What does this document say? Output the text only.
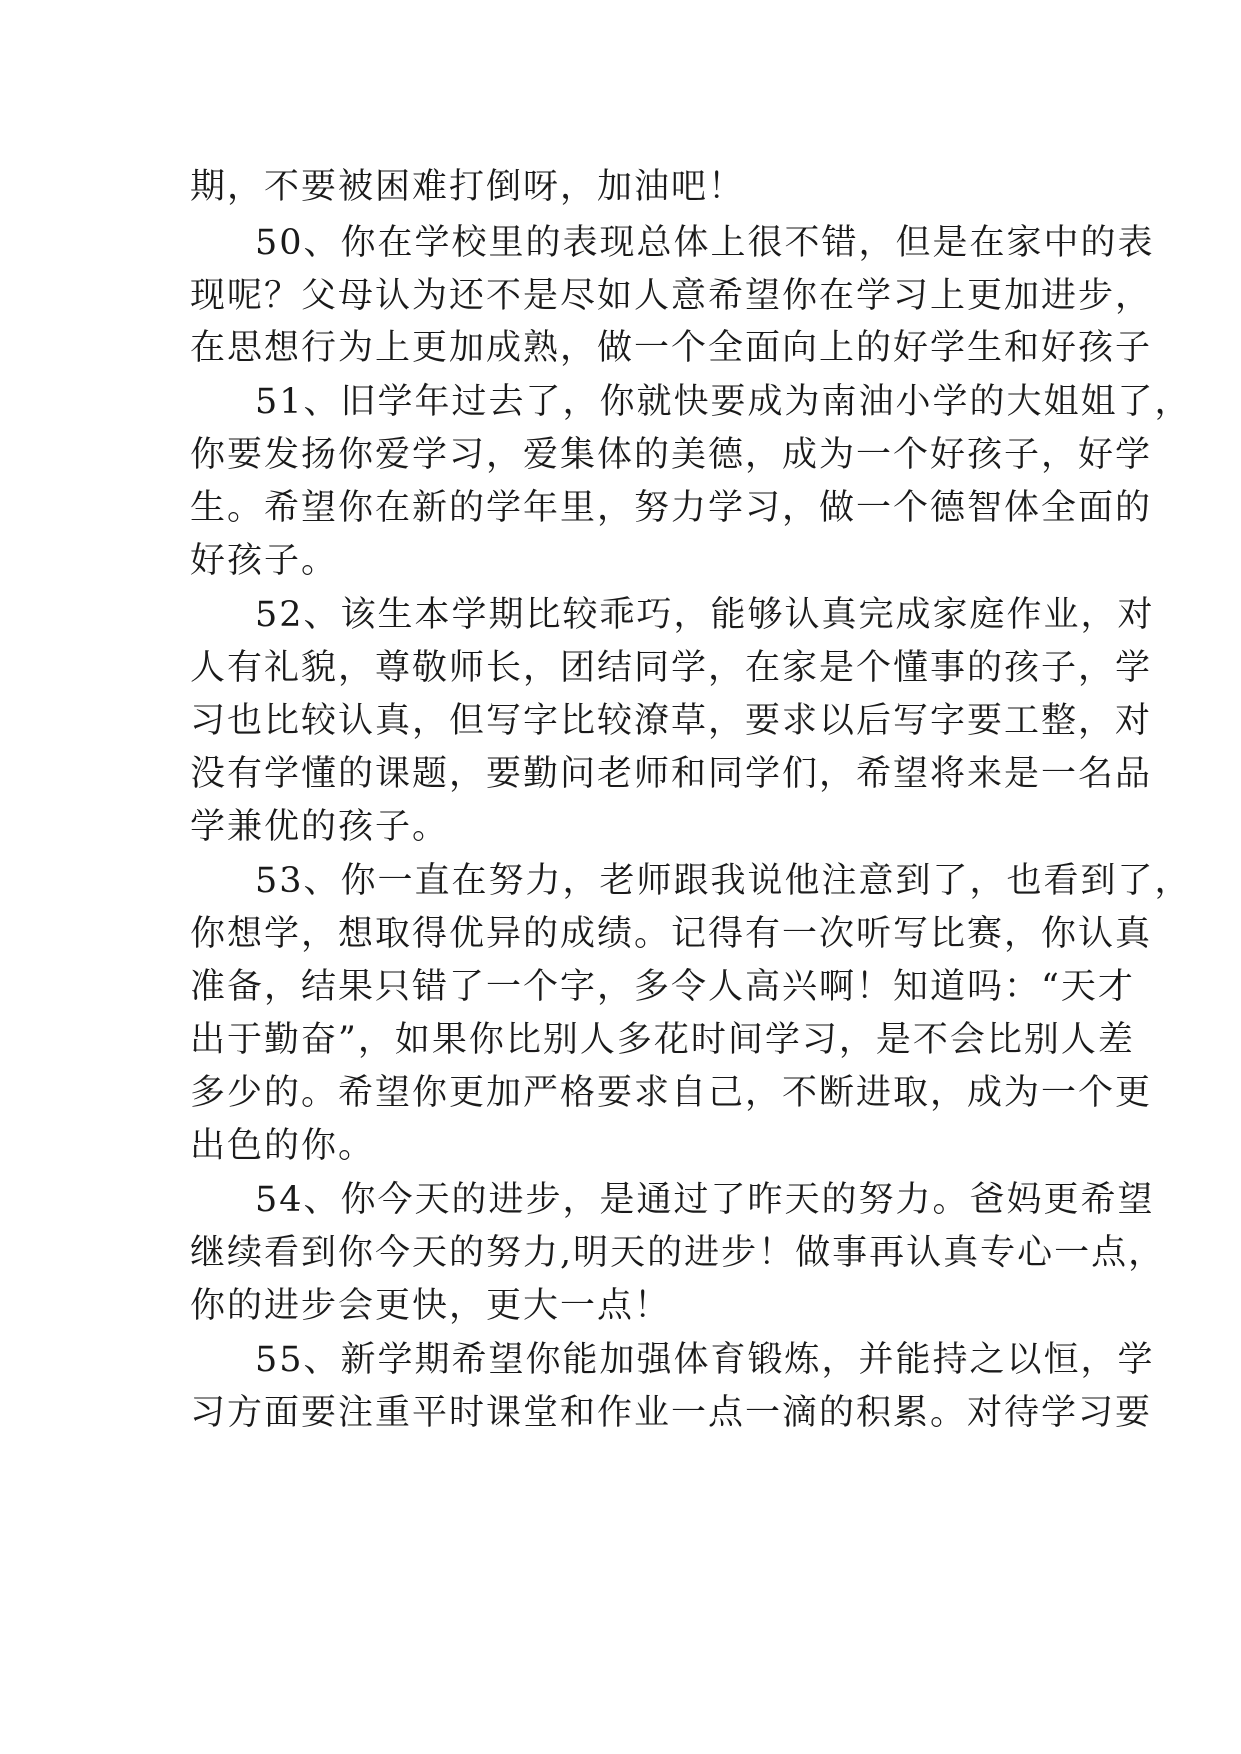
期，不要被困难打倒呀，加油吧！
50、你在学校里的表现总体上很不错，但是在家中的表
现呢？父母认为还不是尽如人意希望你在学习上更加进步，
在思想行为上更加成熟，做一个全面向上的好学生和好孩子
51、旧学年过去了，你就快要成为南油小学的大姐姐了，
你要发扬你爱学习，爱集体的美德，成为一个好孩子，好学
生。希望你在新的学年里，努力学习，做一个德智体全面的
好孩子。
52、该生本学期比较乖巧，能够认真完成家庭作业，对
人有礼貌，尊敬师长，团结同学，在家是个懂事的孩子，学
习也比较认真，但写字比较潦草，要求以后写字要工整，对
没有学懂的课题，要勤问老师和同学们，希望将来是一名品
学兼优的孩子。
53、你一直在努力，老师跟我说他注意到了，也看到了，
你想学，想取得优异的成绩。记得有一次听写比赛，你认真
准备，结果只错了一个字，多令人高兴啊！知道吗：“天才
出于勤奋”，如果你比别人多花时间学习，是不会比别人差
多少的。希望你更加严格要求自己，不断进取，成为一个更
出色的你。
54、你今天的进步，是通过了昨天的努力。爸妈更希望
继续看到你今天的努力,明天的进步！做事再认真专心一点，
你的进步会更快，更大一点！
55、新学期希望你能加强体育锻炼，并能持之以恒，学
习方面要注重平时课堂和作业一点一滴的积累。对待学习要
